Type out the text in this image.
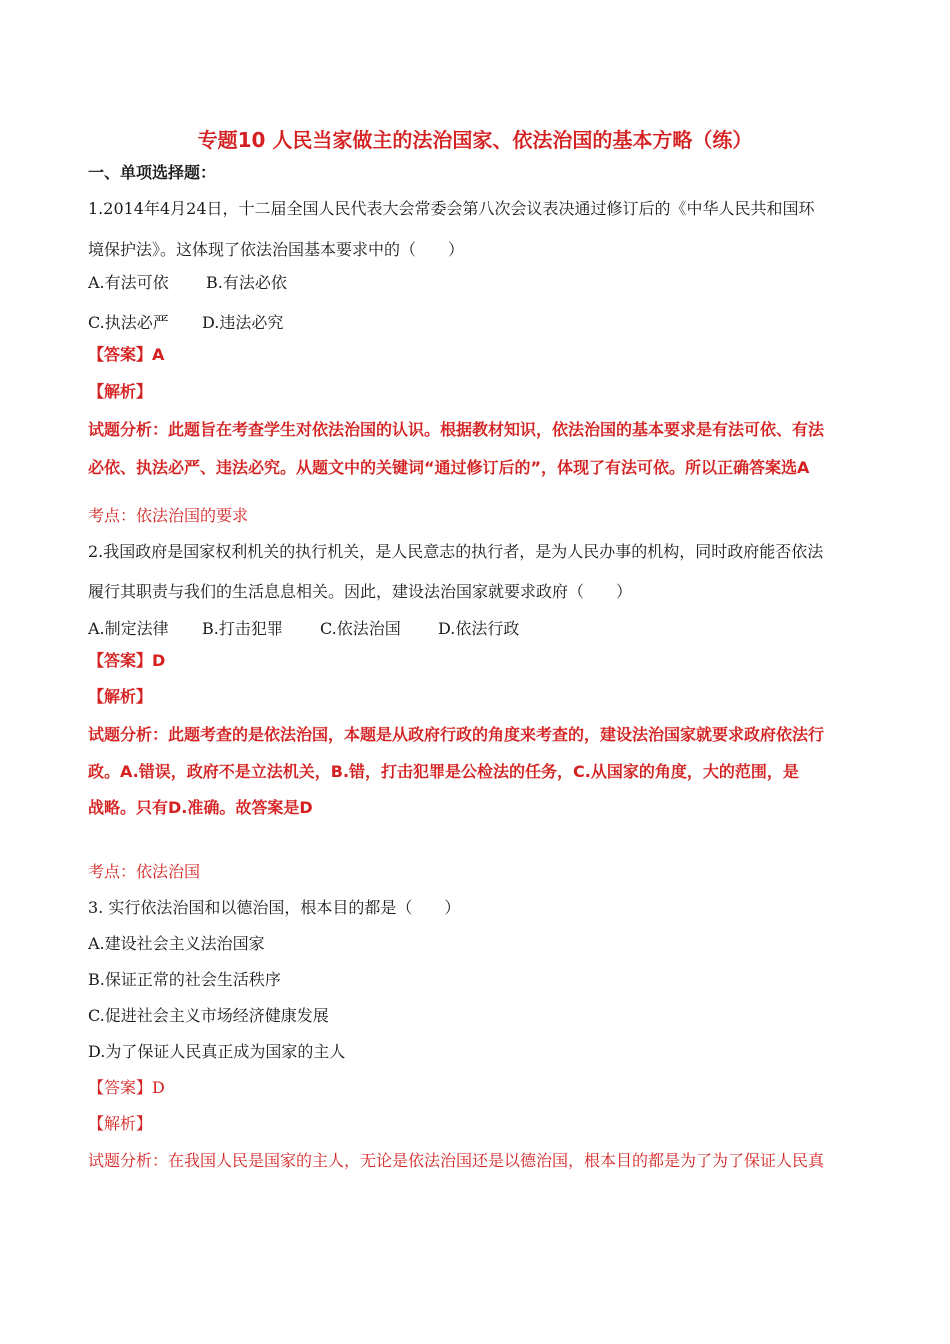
专题10 人民当家做主的法治国家、依法治国的基本方略（练）
一、单项选择题：
1.2014年4月24日，十二届全国人民代表大会常委会第八次会议表决通过修订后的《中华人民共和国环
境保护法》。这体现了依法治国基本要求中的（　　）
A.有法可依 B.有法必依
C.执法必严 D.违法必究
【答案】A
【解析】
试题分析：此题旨在考查学生对依法治国的认识。根据教材知识，依法治国的基本要求是有法可依、有法
必依、执法必严、违法必究。从题文中的关键词“通过修订后的”，体现了有法可依。所以正确答案选A
考点：依法治国的要求
2.我国政府是国家权利机关的执行机关，是人民意志的执行者，是为人民办事的机构，同时政府能否依法
履行其职责与我们的生活息息相关。因此，建设法治国家就要求政府（　　）
A.制定法律 B.打击犯罪 C.依法治国 D.依法行政
【答案】D
【解析】
试题分析：此题考查的是依法治国，本题是从政府行政的角度来考查的，建设法治国家就要求政府依法行
政。A.错误，政府不是立法机关，B.错，打击犯罪是公检法的任务，C.从国家的角度，大的范围，是
战略。只有D.准确。故答案是D
考点：依法治国
3. 实行依法治国和以德治国，根本目的都是（　　）
A.建设社会主义法治国家
B.保证正常的社会生活秩序
C.促进社会主义市场经济健康发展
D.为了保证人民真正成为国家的主人
【答案】D
【解析】
试题分析：在我国人民是国家的主人，无论是依法治国还是以德治国，根本目的都是为了为了保证人民真
